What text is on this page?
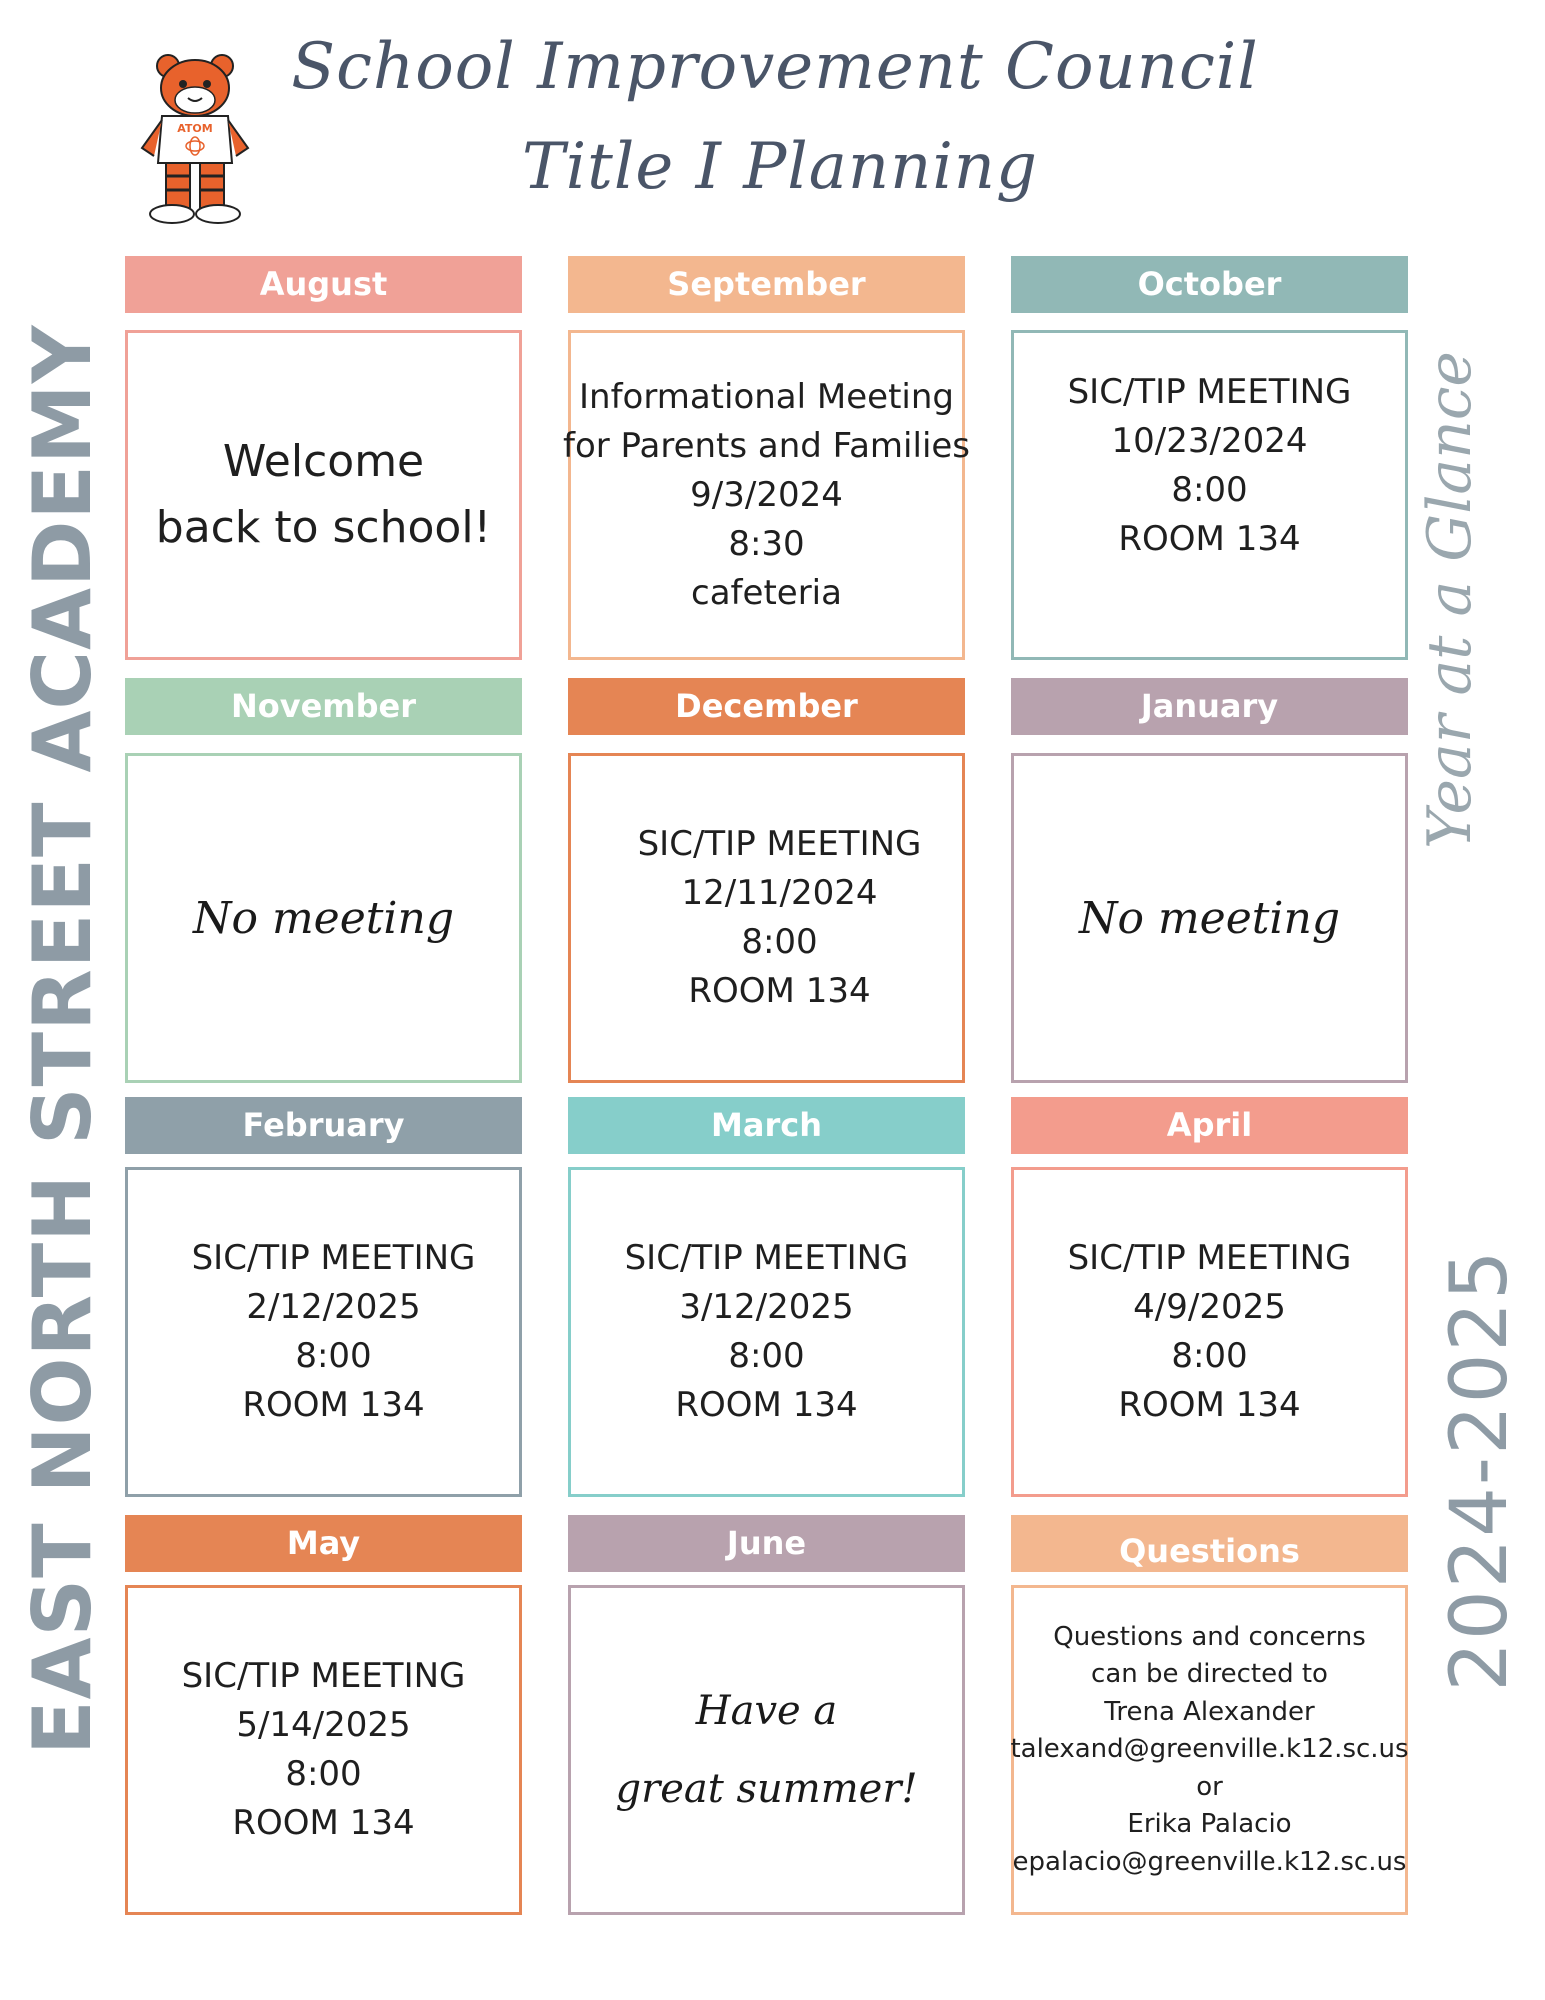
School Improvement Council
Title I Planning
ATOM
EAST NORTH STREET ACADEMY	Year at a Glance
2024-2025
August
Welcome
back to school!
September
Informational Meeting
for Parents and Families
9/3/2024
8:30
cafeteria
October
SIC/TIP MEETING
10/23/2024
8:00
ROOM 134
November
No meeting
December
SIC/TIP MEETING
12/11/2024
8:00
ROOM 134
January
No meeting
February
SIC/TIP MEETING
2/12/2025
8:00
ROOM 134
March
SIC/TIP MEETING
3/12/2025
8:00
ROOM 134
April
SIC/TIP MEETING
4/9/2025
8:00
ROOM 134
May
SIC/TIP MEETING
5/14/2025
8:00
ROOM 134
June
Have a
great summer!
Questions
Questions and concerns
can be directed to
Trena Alexander
talexand@greenville.k12.sc.us
or
Erika Palacio
epalacio@greenville.k12.sc.us
